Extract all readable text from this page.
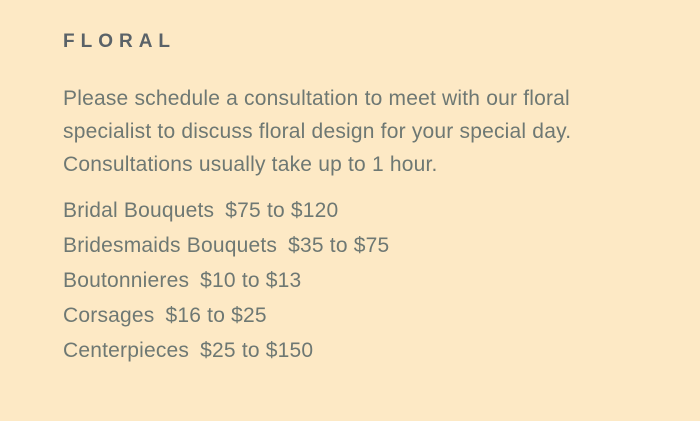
FLORAL

Please schedule a consultation to meet with our floral
specialist to discuss floral design for your special day.
Consultations usually take up to 1 hour.

Bridal Bouquets $75 to $120
Bridesmaids Bouquets $35 to $75
Boutonnieres $10 to $13
Corsages $16 to $25
Centerpieces $25 to $150
